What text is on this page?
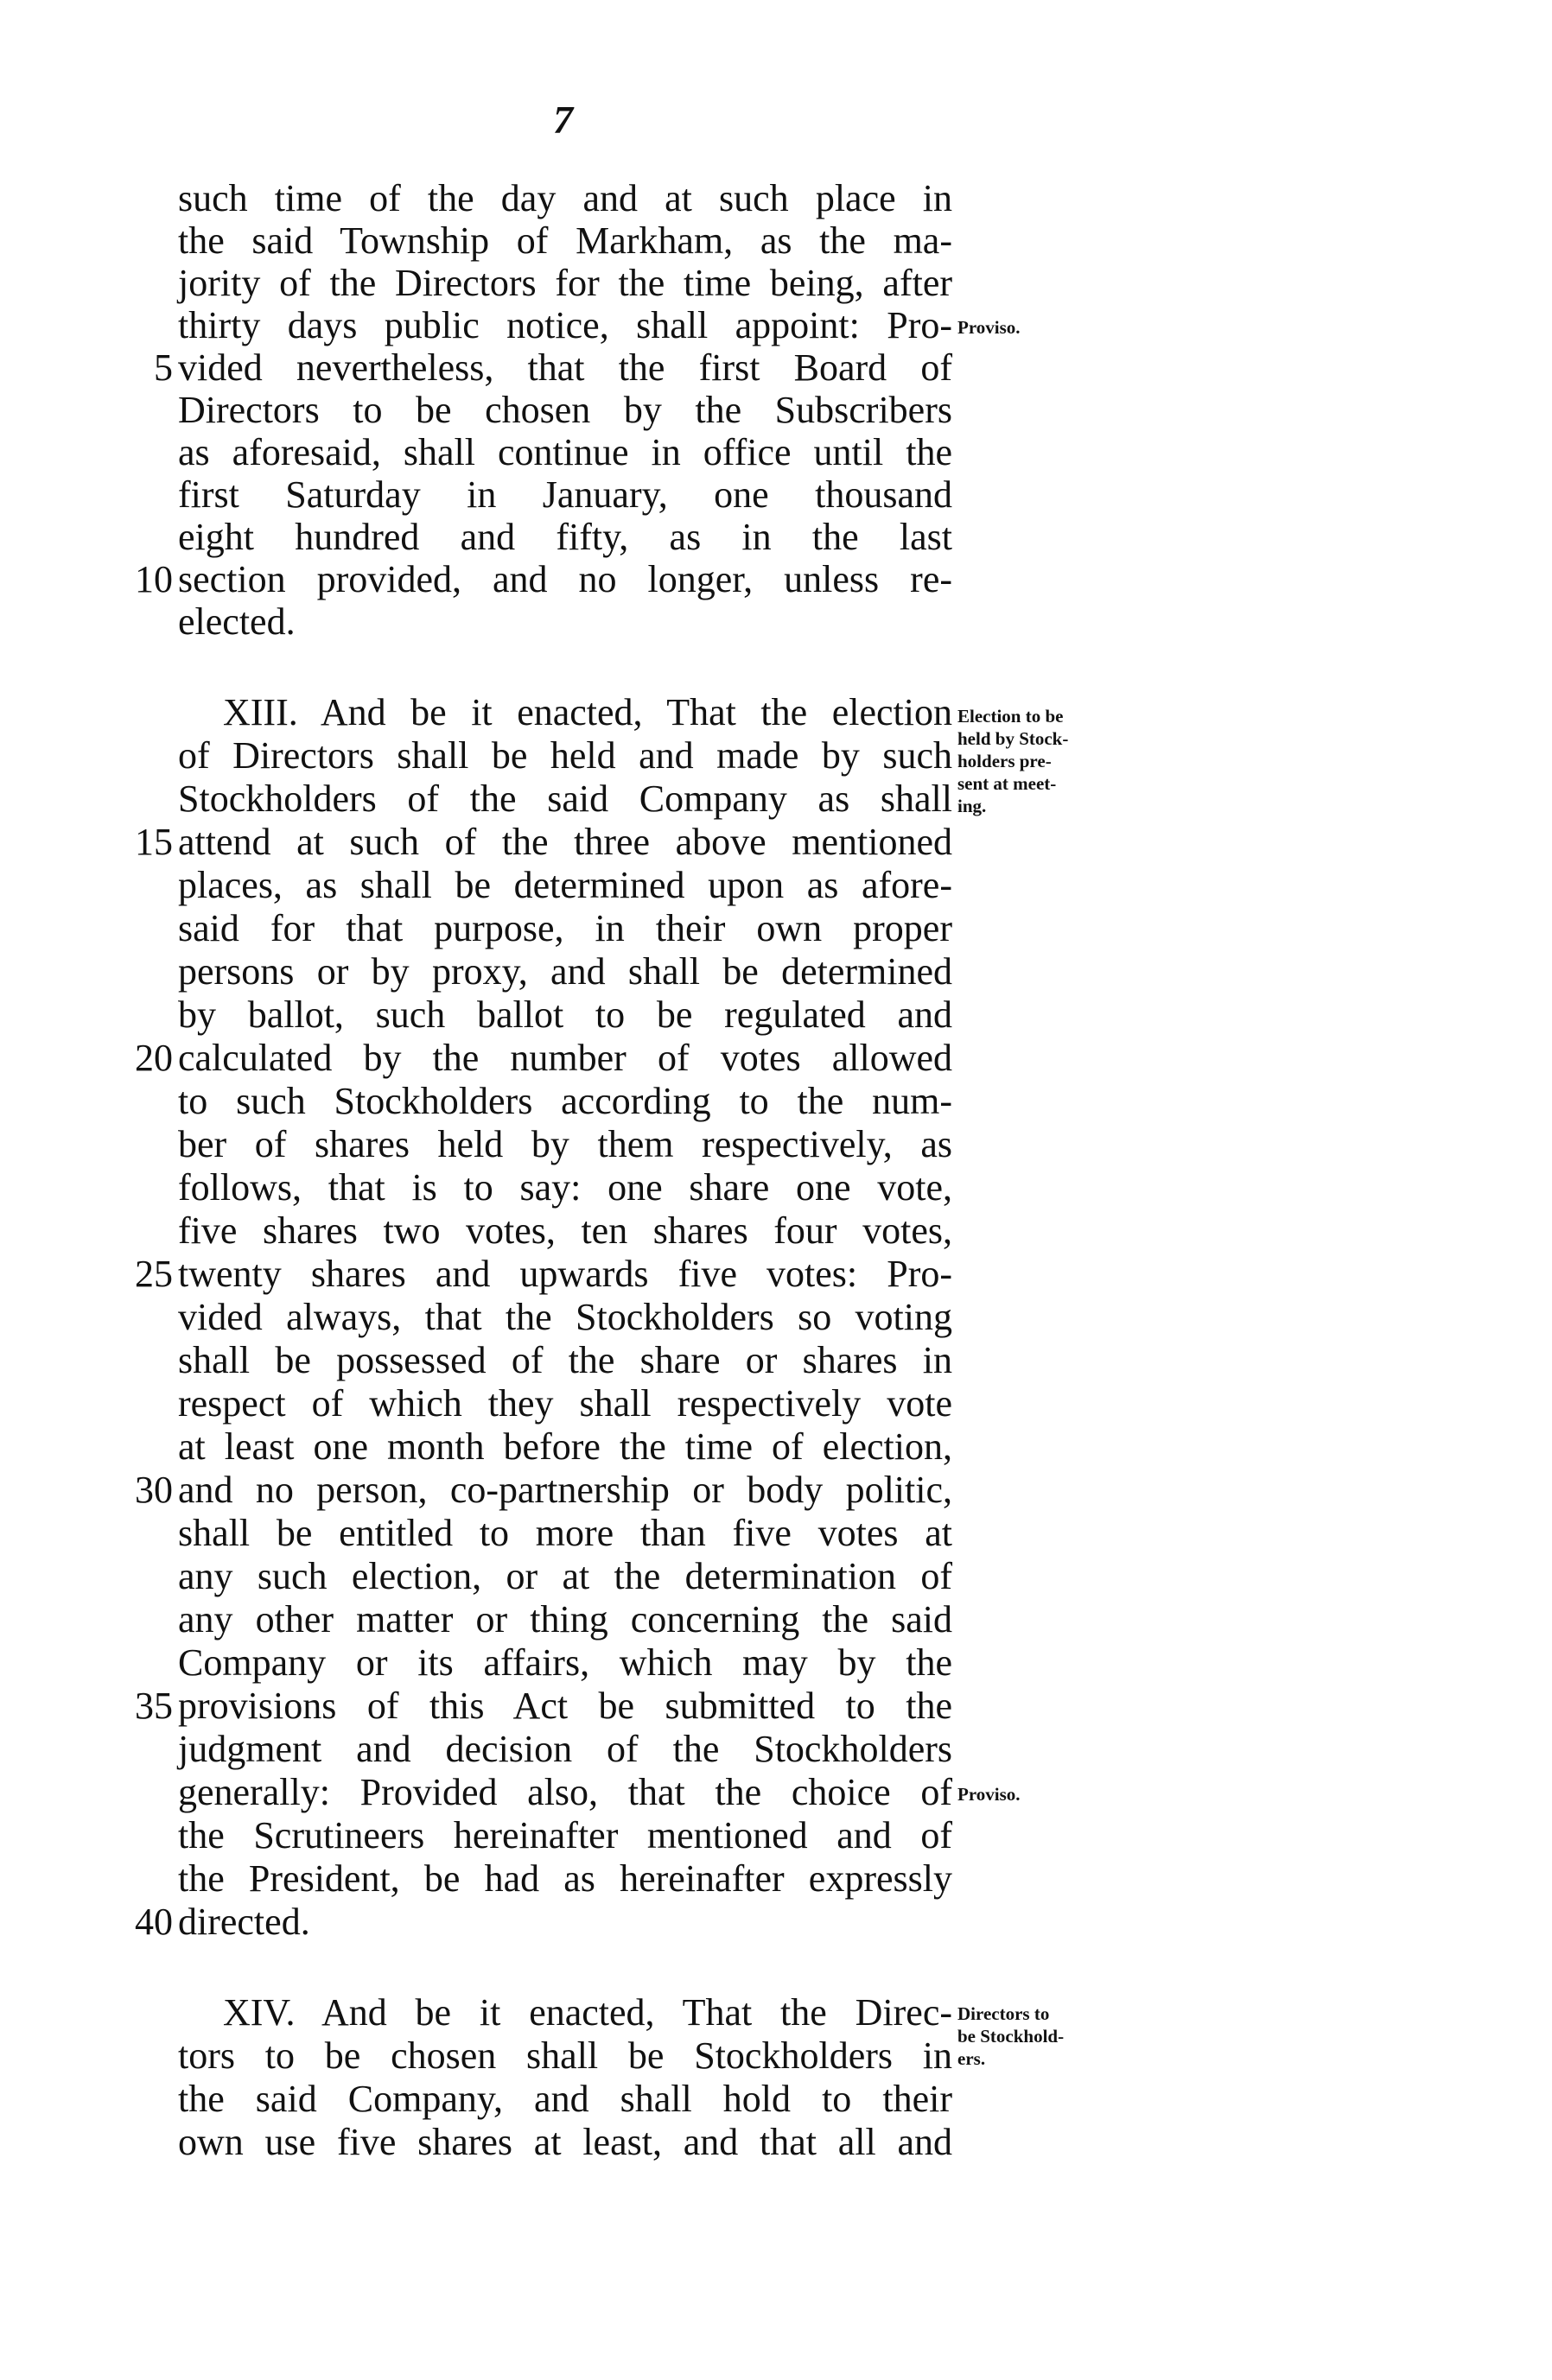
7
such time of the day and at such place in
the said Township of Markham, as the ma-
jority of the Directors for the time being, after
thirty days public notice, shall appoint: Pro-
5 vided nevertheless, that the first Board of
Directors to be chosen by the Subscribers
as aforesaid, shall continue in office until the
first Saturday in January, one thousand
eight hundred and fifty, as in the last
10 section provided, and no longer, unless re-
elected.
Proviso.
XIII. And be it enacted, That the election
of Directors shall be held and made by such
Stockholders of the said Company as shall
15 attend at such of the three above mentioned
places, as shall be determined upon as afore-
said for that purpose, in their own proper
persons or by proxy, and shall be determined
by ballot, such ballot to be regulated and
20 calculated by the number of votes allowed
to such Stockholders according to the num-
ber of shares held by them respectively, as
follows, that is to say: one share one vote,
five shares two votes, ten shares four votes,
25 twenty shares and upwards five votes: Pro-
vided always, that the Stockholders so voting
shall be possessed of the share or shares in
respect of which they shall respectively vote
at least one month before the time of election,
30 and no person, co-partnership or body politic,
shall be entitled to more than five votes at
any such election, or at the determination of
any other matter or thing concerning the said
Company or its affairs, which may by the
35 provisions of this Act be submitted to the
judgment and decision of the Stockholders
generally: Provided also, that the choice of
the Scrutineers hereinafter mentioned and of
the President, be had as hereinafter expressly
40 directed.
Election to be
held by Stock-
holders pre-
sent at meet-
ing.
Proviso.
XIV. And be it enacted, That the Direc-
tors to be chosen shall be Stockholders in
the said Company, and shall hold to their
own use five shares at least, and that all and
Directors to
be Stockhold-
ers.
